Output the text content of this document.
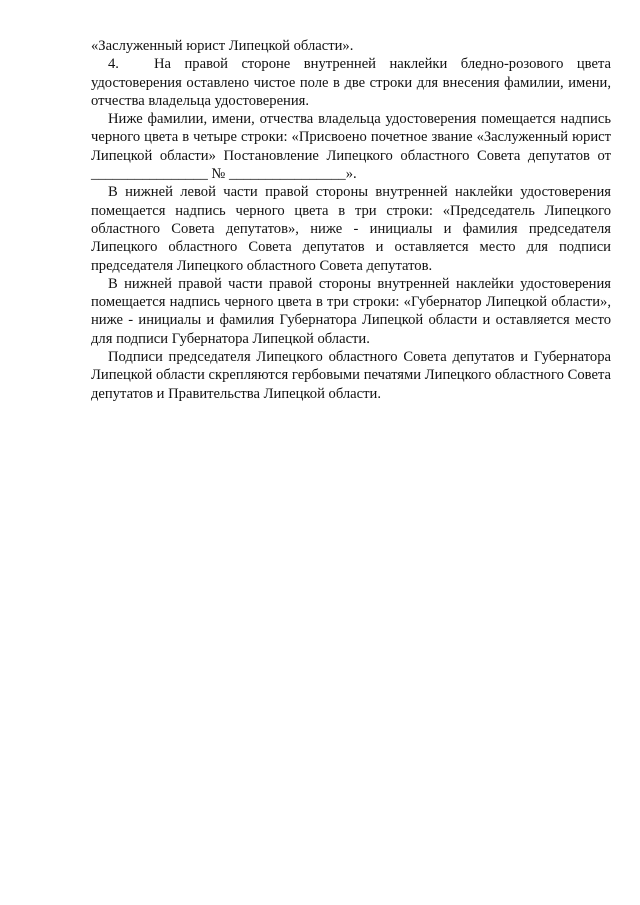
«Заслуженный юрист Липецкой области».

4. На правой стороне внутренней наклейки бледно-розового цвета удостоверения оставлено чистое поле в две строки для внесения фамилии, имени, отчества владельца удостоверения.

Ниже фамилии, имени, отчества владельца удостоверения помещается надпись черного цвета в четыре строки: «Присвоено почетное звание «Заслуженный юрист Липецкой области» Постановление Липецкого областного Совета депутатов от ________________ № ________________».

В нижней левой части правой стороны внутренней наклейки удостоверения помещается надпись черного цвета в три строки: «Председатель Липецкого областного Совета депутатов», ниже - инициалы и фамилия председателя Липецкого областного Совета депутатов и оставляется место для подписи председателя Липецкого областного Совета депутатов.

В нижней правой части правой стороны внутренней наклейки удостоверения помещается надпись черного цвета в три строки: «Губернатор Липецкой области», ниже - инициалы и фамилия Губернатора Липецкой области и оставляется место для подписи Губернатора Липецкой области.

Подписи председателя Липецкого областного Совета депутатов и Губернатора Липецкой области скрепляются гербовыми печатями Липецкого областного Совета депутатов и Правительства Липецкой области.
